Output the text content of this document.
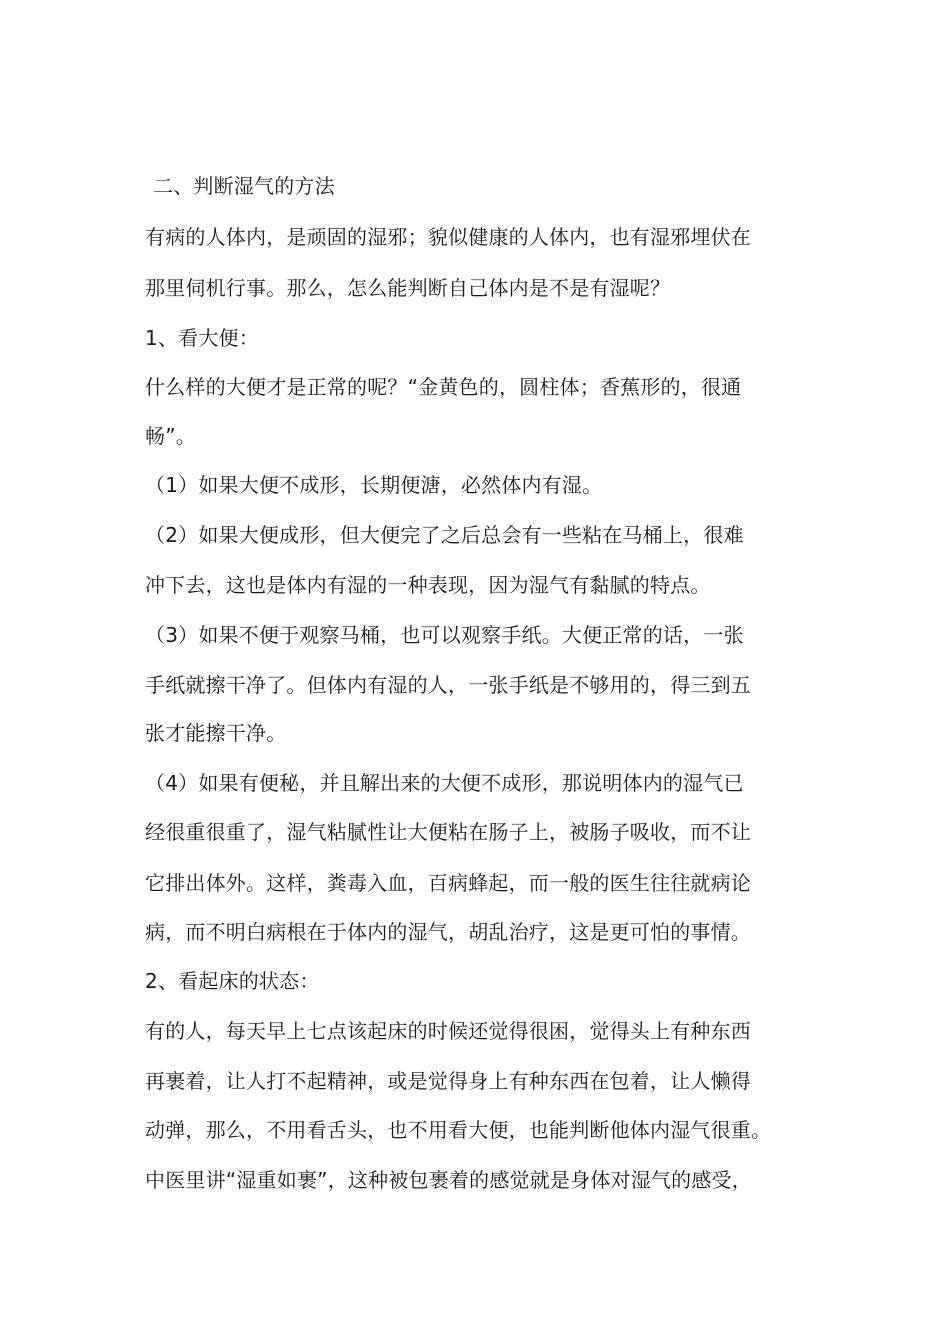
二、判断湿气的方法
有病的人体内，是顽固的湿邪；貌似健康的人体内，也有湿邪埋伏在
那里伺机行事。那么，怎么能判断自己体内是不是有湿呢？
1、看大便：
什么样的大便才是正常的呢？“金黄色的，圆柱体；香蕉形的，很通
畅”。
（1）如果大便不成形，长期便溏，必然体内有湿。
（2）如果大便成形，但大便完了之后总会有一些粘在马桶上，很难
冲下去，这也是体内有湿的一种表现，因为湿气有黏腻的特点。
（3）如果不便于观察马桶，也可以观察手纸。大便正常的话，一张
手纸就擦干净了。但体内有湿的人，一张手纸是不够用的，得三到五
张才能擦干净。
（4）如果有便秘，并且解出来的大便不成形，那说明体内的湿气已
经很重很重了，湿气粘腻性让大便粘在肠子上，被肠子吸收，而不让
它排出体外。这样，粪毒入血，百病蜂起，而一般的医生往往就病论
病，而不明白病根在于体内的湿气，胡乱治疗，这是更可怕的事情。
2、看起床的状态：
有的人，每天早上七点该起床的时候还觉得很困，觉得头上有种东西
再裹着，让人打不起精神，或是觉得身上有种东西在包着，让人懒得
动弹，那么，不用看舌头，也不用看大便，也能判断他体内湿气很重。
中医里讲“湿重如裹”，这种被包裹着的感觉就是身体对湿气的感受，
